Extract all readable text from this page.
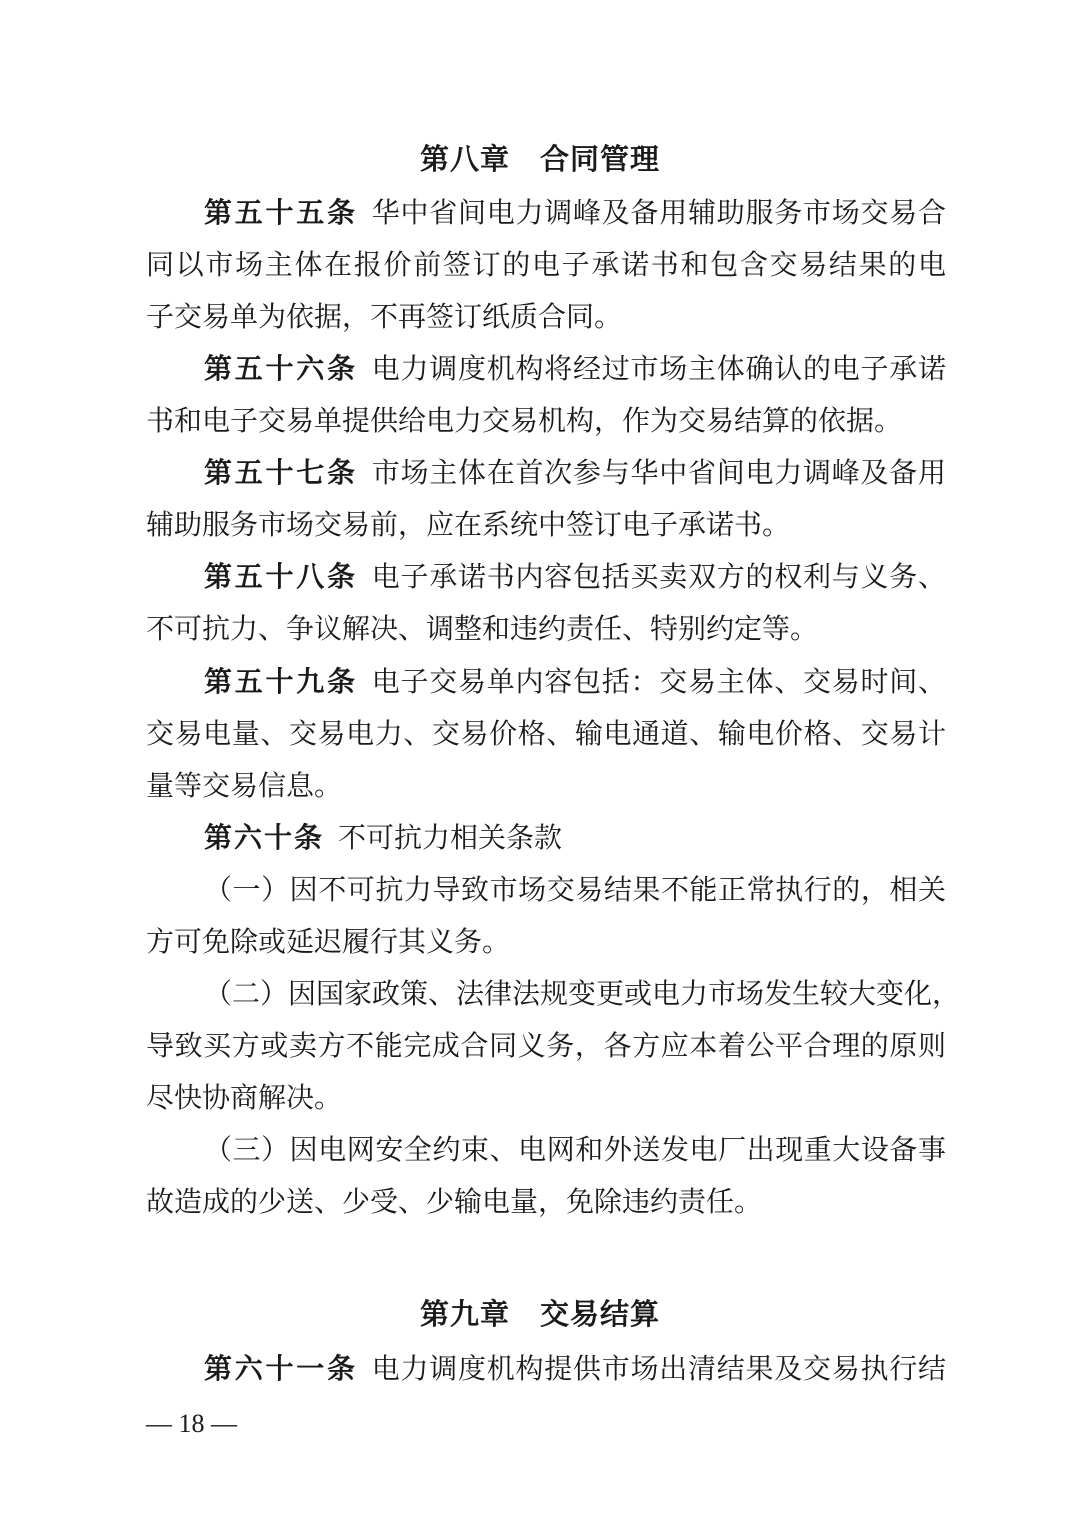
第八章　合同管理
第五十五条 华中省间电力调峰及备用辅助服务市场交易合
同以市场主体在报价前签订的电子承诺书和包含交易结果的电
子交易单为依据，不再签订纸质合同。
第五十六条 电力调度机构将经过市场主体确认的电子承诺
书和电子交易单提供给电力交易机构，作为交易结算的依据。
第五十七条 市场主体在首次参与华中省间电力调峰及备用
辅助服务市场交易前，应在系统中签订电子承诺书。
第五十八条 电子承诺书内容包括买卖双方的权利与义务、
不可抗力、争议解决、调整和违约责任、特别约定等。
第五十九条 电子交易单内容包括：交易主体、交易时间、
交易电量、交易电力、交易价格、输电通道、输电价格、交易计
量等交易信息。
第六十条 不可抗力相关条款
（一）因不可抗力导致市场交易结果不能正常执行的，相关
方可免除或延迟履行其义务。
（二）因国家政策、法律法规变更或电力市场发生较大变化，
导致买方或卖方不能完成合同义务，各方应本着公平合理的原则
尽快协商解决。
（三）因电网安全约束、电网和外送发电厂出现重大设备事
故造成的少送、少受、少输电量，免除违约责任。
第九章　交易结算
第六十一条 电力调度机构提供市场出清结果及交易执行结
— 18 —
